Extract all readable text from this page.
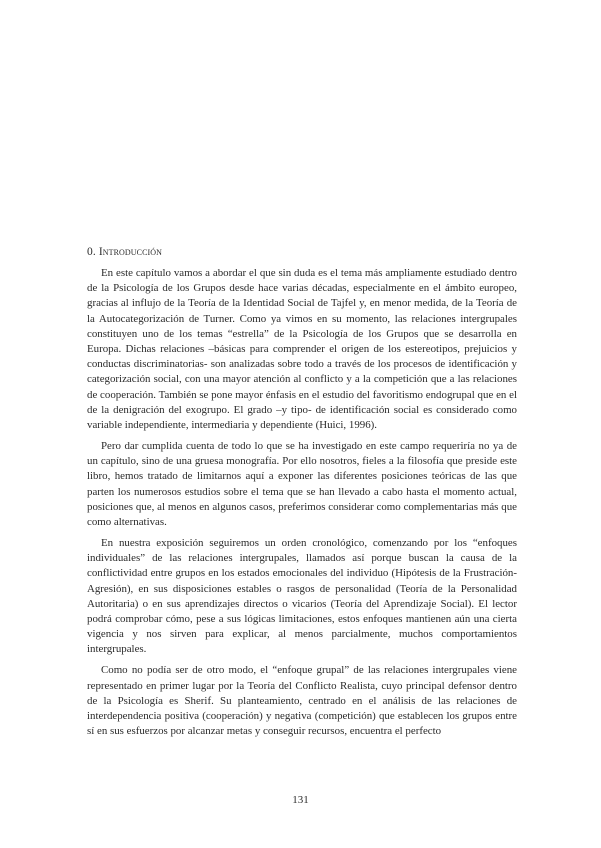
0. Introducción

En este capítulo vamos a abordar el que sin duda es el tema más ampliamente estudiado dentro de la Psicología de los Grupos desde hace varias décadas, especialmente en el ámbito europeo, gracias al influjo de la Teoría de la Identidad Social de Tajfel y, en menor medida, de la Teoría de la Autocategorización de Turner. Como ya vimos en su momento, las relaciones intergrupales constituyen uno de los temas “estrella” de la Psicología de los Grupos que se desarrolla en Europa. Dichas relaciones –básicas para comprender el origen de los estereotipos, prejuicios y conductas discriminatorias- son analizadas sobre todo a través de los procesos de identificación y categorización social, con una mayor atención al conflicto y a la competición que a las relaciones de cooperación. También se pone mayor énfasis en el estudio del favoritismo endogrupal que en el de la denigración del exogrupo. El grado –y tipo- de identificación social es considerado como variable independiente, intermediaria y dependiente (Huici, 1996).

Pero dar cumplida cuenta de todo lo que se ha investigado en este campo requeriría no ya de un capítulo, sino de una gruesa monografía. Por ello nosotros, fieles a la filosofía que preside este libro, hemos tratado de limitarnos aquí a exponer las diferentes posiciones teóricas de las que parten los numerosos estudios sobre el tema que se han llevado a cabo hasta el momento actual, posiciones que, al menos en algunos casos, preferimos considerar como complementarias más que como alternativas.

En nuestra exposición seguiremos un orden cronológico, comenzando por los “enfoques individuales” de las relaciones intergrupales, llamados así porque buscan la causa de la conflictividad entre grupos en los estados emocionales del individuo (Hipótesis de la Frustración-Agresión), en sus disposiciones estables o rasgos de personalidad (Teoría de la Personalidad Autoritaria) o en sus aprendizajes directos o vicarios (Teoría del Aprendizaje Social). El lector podrá comprobar cómo, pese a sus lógicas limitaciones, estos enfoques mantienen aún una cierta vigencia y nos sirven para explicar, al menos parcialmente, muchos comportamientos intergrupales.

Como no podía ser de otro modo, el “enfoque grupal” de las relaciones intergrupales viene representado en primer lugar por la Teoría del Conflicto Realista, cuyo principal defensor dentro de la Psicología es Sherif. Su planteamiento, centrado en el análisis de las relaciones de interdependencia positiva (cooperación) y negativa (competición) que establecen los grupos entre sí en sus esfuerzos por alcanzar metas y conseguir recursos, encuentra el perfecto

131
